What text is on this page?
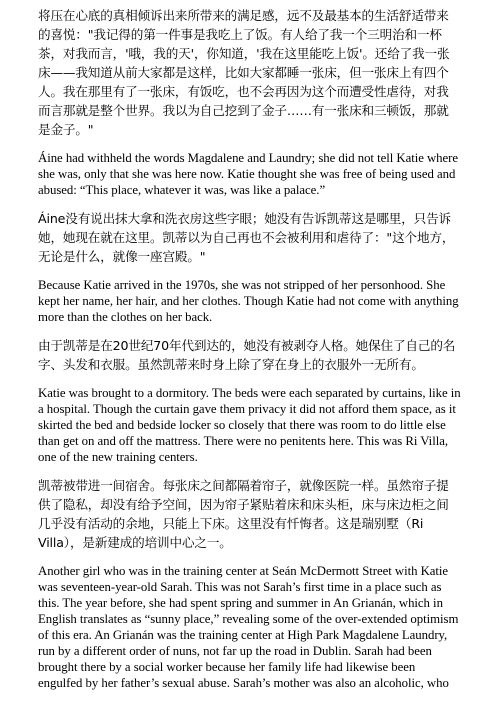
将压在心底的真相倾诉出来所带来的满足感，远不及最基本的生活舒适带来
的喜悦："我记得的第一件事是我吃上了饭。有人给了我一个三明治和一杯
茶，对我而言，'哦，我的天'，你知道，'我在这里能吃上饭'。还给了我一张
床——我知道从前大家都是这样，比如大家都睡一张床，但一张床上有四个
人。我在那里有了一张床，有饭吃，也不会再因为这个而遭受性虐待，对我
而言那就是整个世界。我以为自己挖到了金子……有一张床和三顿饭，那就
是金子。"
Áine had withheld the words Magdalene and Laundry; she did not tell Katie where
she was, only that she was here now. Katie thought she was free of being used and
abused: “This place, whatever it was, was like a palace.”
Áine没有说出抹大拿和洗衣房这些字眼；她没有告诉凯蒂这是哪里，只告诉
她，她现在就在这里。凯蒂以为自己再也不会被利用和虐待了："这个地方，
无论是什么，就像一座宫殿。"
Because Katie arrived in the 1970s, she was not stripped of her personhood. She
kept her name, her hair, and her clothes. Though Katie had not come with anything
more than the clothes on her back.
由于凯蒂是在20世纪70年代到达的，她没有被剥夺人格。她保住了自己的名
字、头发和衣服。虽然凯蒂来时身上除了穿在身上的衣服外一无所有。
Katie was brought to a dormitory. The beds were each separated by curtains, like in
a hospital. Though the curtain gave them privacy it did not afford them space, as it
skirted the bed and bedside locker so closely that there was room to do little else
than get on and off the mattress. There were no penitents here. This was Ri Villa,
one of the new training centers.
凯蒂被带进一间宿舍。每张床之间都隔着帘子，就像医院一样。虽然帘子提
供了隐私，却没有给予空间，因为帘子紧贴着床和床头柜，床与床边柜之间
几乎没有活动的余地，只能上下床。这里没有忏悔者。这是瑞别墅（Ri
Villa），是新建成的培训中心之一。
Another girl who was in the training center at Seán McDermott Street with Katie
was seventeen-year-old Sarah. This was not Sarah’s first time in a place such as
this. The year before, she had spent spring and summer in An Grianán, which in
English translates as “sunny place,” revealing some of the over-extended optimism
of this era. An Grianán was the training center at High Park Magdalene Laundry,
run by a different order of nuns, not far up the road in Dublin. Sarah had been
brought there by a social worker because her family life had likewise been
engulfed by her father’s sexual abuse. Sarah’s mother was also an alcoholic, who
